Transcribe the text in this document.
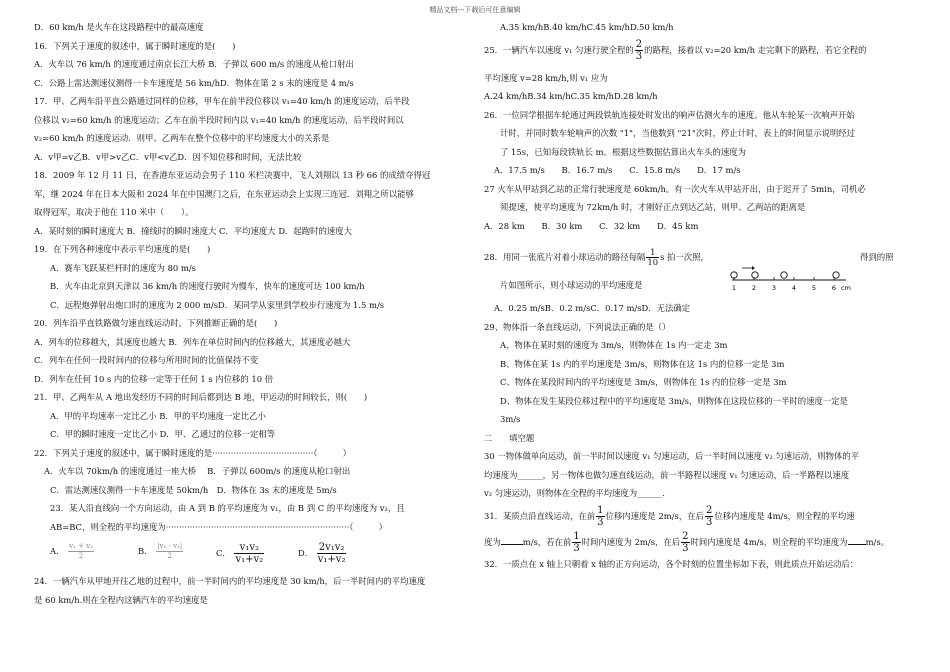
精品文档---下载后可任意编辑
D．60 km/h 是火车在这段路程中的最高速度
16．下列关于速度的叙述中，属于瞬时速度的是(　　)
A．火车以 76 km/h 的速度通过南京长江大桥 B．子弹以 600 m/s 的速度从枪口射出
C．公路上雷达测速仪测得一卡车速度是 56 km/hD．物体在第 2 s 末的速度是 4 m/s
17．甲、乙两车沿平直公路通过同样的位移，甲车在前半段位移以 v₁=40 km/h 的速度运动，后半段
位移以 v₂=60 km/h 的速度运动；乙车在前半段时间内以 v₁=40 km/h 的速度运动，后半段时间以
v₂=60 km/h 的速度运动．则甲、乙两车在整个位移中的平均速度大小的关系是
A．v甲=v乙B．v甲>v乙C．v甲<v乙D．因不知位移和时间，无法比较
18．2009 年 12 月 11 日，在香港东亚运动会男子 110 米栏决赛中，飞人刘翔以 13 秒 66 的成绩夺得冠
军，继 2024 年在日本大阪和 2024 年在中国澳门之后，在东亚运动会上实现三连冠．刘翔之所以能够
取得冠军，取决于他在 110 米中（　　）。
A．某时刻的瞬时速度大 B．撞线时的瞬时速度大 C．平均速度大 D．起跑时的速度大
19．在下列各种速度中表示平均速度的是(　　)
A．赛车飞跃某栏杆时的速度为 80 m/s
B．火车由北京到天津以 36 km/h 的速度行驶时为慢车，快车的速度可达 100 km/h
C．远程炮弹射出炮口时的速度为 2 000 m/sD．某同学从家里到学校步行速度为 1.5 m/s
20．列车沿平直铁路做匀速直线运动时，下列推断正确的是(　　)
A．列车的位移越大，其速度也越大 B．列车在单位时间内的位移越大，其速度必越大
C．列车在任何一段时间内的位移与所用时间的比值保持不变
D．列车在任何 10 s 内的位移一定等于任何 1 s 内位移的 10 倍
21．甲、乙两车从 A 地出发经历不同的时间后都到达 B 地，甲运动的时间较长，则(　　)
A．甲的平均速率一定比乙小 B．甲的平均速度一定比乙小
C．甲的瞬时速度一定比乙小 D．甲、乙通过的位移一定相等
22．下列关于速度的叙述中，属于瞬时速度的是······································（　　　）
A．火车以 70km/h 的速度通过一座大桥　 B．子弹以 600m/s 的速度从枪口射出
C．雷达测速仪测得一卡车速度是 50km/h　D．物体在 3s 末的速度是 5m/s
23．某人沿直线向一个方向运动，由 A 到 B 的平均速度为 v₁，由 B 到 C 的平均速度为 v₂，且
AB=BC，则全程的平均速度为·····································································（　　　）
A． $\frac{\text{v₁ + v₂}}{2}$	B． $\frac{\text{|v₁ - v₂|}}{2}$	C． $\frac{\text{v₁v₂}}{\text{v₁+v₂}}$	D． $\frac{\text{2v₁v₂}}{\text{v₁+v₂}}$
24．一辆汽车从甲地开往乙地的过程中，前一半时间内的平均速度是 30 km/h，后一半时间内的平均速度
是 60 km/h.则在全程内这辆汽车的平均速度是
A.35 km/hB.40 km/hC.45 km/hD.50 km/h
25．一辆汽车以速度 v₁ 匀速行驶全程的 $\frac{2}{3}$ 的路程，接着以 v₂=20 km/h 走完剩下的路程，若它全程的
平均速度 v=28 km/h,则 v₁ 应为
A.24 km/hB.34 km/hC.35 km/hD.28 km/h
26．一位同学根据车轮通过两段铁轨连接处时发出的响声估测火车的速度。他从车轮某一次响声开始
计时，并同时数车轮响声的次数 "1"，当他数到 "21"次时，停止计时，表上的时间显示说明经过
了 15s，已知每段铁轨长 m。根据这些数据估算出火车头的速度为
A．17.5 m/s　　B．16.7 m/s　　C．15.8 m/s　　D．17 m/s
27 火车从甲站到乙站的正常行驶速度是 60km/h。有一次火车从甲站开出，由于迟开了 5min，司机必
须提速，使平均速度为 72km/h 时，才刚好正点到达乙站，则甲、乙两站的距离是
A．28 km　　B．30 km　　C．32 km　　D．45 km
28．用同一张底片对着小球运动的路径每隔 $\frac{1}{10}$ s 拍一次照，	得到的照
片如图所示，则小球运动的平均速度是	1 2 3 4 5 6 cm
A．0.25 m/sB．0.2 m/sC．0.17 m/sD．无法确定
29、物体沿一条直线运动，下列说法正确的是（）
A、物体在某时刻的速度为 3m/s，则物体在 1s 内一定走 3m
B、物体在某 1s 内的平均速度是 3m/s，则物体在这 1s 内的位移一定是 3m
C、物体在某段时间内的平均速度是 3m/s，则物体在 1s 内的位移一定是 3m
D、物体在发生某段位移过程中的平均速度是 3m/s，则物体在这段位移的一半时的速度一定是
3m/s
二　　填空题
30 一物体做单向运动，前一半时间以速度 v₁ 匀速运动，后一半时间以速度 v₂ 匀速运动，则物体的平
均速度为______，另一物体也做匀速直线运动，前一半路程以速度 v₁ 匀速运动，后一半路程以速度
v₂ 匀速运动，则物体在全程的平均速度为______．
31．某质点沿直线运动，在前 $\frac{1}{3}$ 位移内速度是 2m/s，在后 $\frac{2}{3}$ 位移内速度是 4m/s，则全程的平均速
度为	m/s，若在前 $\frac{1}{3}$ 时间内速度为 2m/s，在后 $\frac{2}{3}$ 时间内速度是 4m/s，则全程的平均速度为 m/s。
32．一质点在 x 轴上只朝着 x 轴的正方向运动，各个时刻的位置坐标如下表，则此质点开始运动后：
